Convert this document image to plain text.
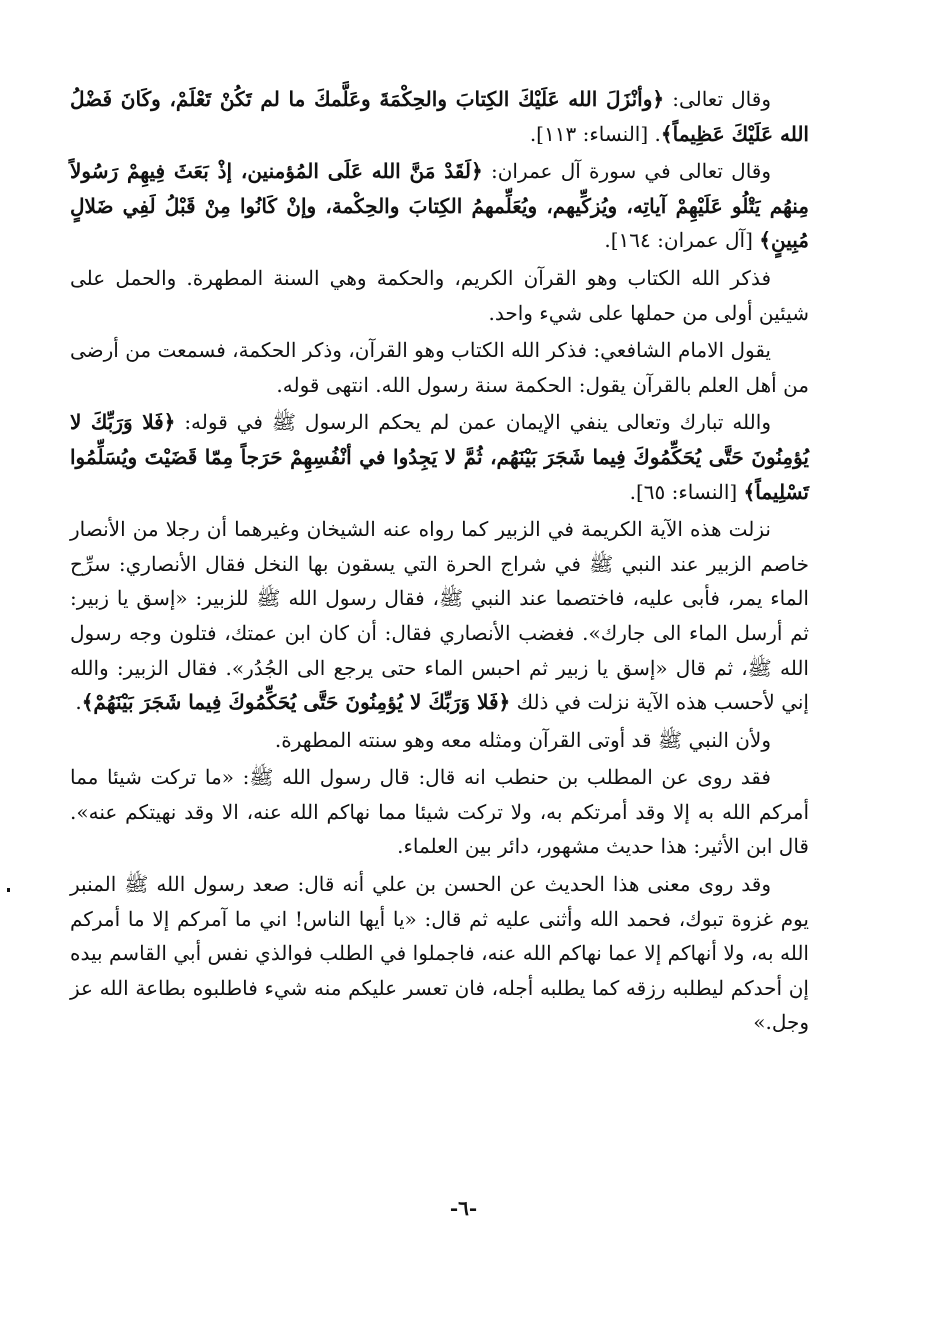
وقال تعالى: ﴿وأنْزَلَ الله عَلَيْكَ الكِتابَ والحِكْمَةَ وعَلَّمكَ ما لم تَكُنْ تَعْلَمْ، وكَانَ فَضْلُ الله عَلَيْكَ عَظِيماً﴾. [النساء: ١١٣].

وقال تعالى في سورة آل عمران: ﴿لَقَدْ مَنَّ الله عَلَى المُؤمنين، إذْ بَعَثَ فِيهِمْ رَسُولاً مِنهُم يَتْلُو عَلَيْهِمْ آياتِه، ويُزكِّيهم، ويُعَلِّمهمُ الكِتابَ والحِكْمة، وإنْ كَانُوا مِنْ قَبْلُ لَفِي ضَلالٍ مُبِينٍ﴾ [آل عمران: ١٦٤].

فذكر الله الكتاب وهو القرآن الكريم، والحكمة وهي السنة المطهرة. والحمل على شيئين أولى من حملها على شيء واحد.

يقول الامام الشافعي: فذكر الله الكتاب وهو القرآن، وذكر الحكمة، فسمعت من أرضى من أهل العلم بالقرآن يقول: الحكمة سنة رسول الله. انتهى قوله.

والله تبارك وتعالى ينفي الإيمان عمن لم يحكم الرسول ﷺ في قوله: ﴿فَلا وَرَبِّكَ لا يُؤمِنُونَ حَتَّى يُحَكِّمُوكَ فِيما شَجَرَ بَيْنَهُم، ثُمَّ لا يَجِدُوا في أنْفُسِهِمْ حَرَجاً مِمّا قَضَيْتَ ويُسَلِّمُوا تَسْلِيماً﴾ [النساء: ٦٥].

نزلت هذه الآية الكريمة في الزبير كما رواه عنه الشيخان وغيرهما أن رجلا من الأنصار خاصم الزبير عند النبي ﷺ في شراج الحرة التي يسقون بها النخل فقال الأنصاري: سرِّح الماء يمر، فأبى عليه، فاختصما عند النبي ﷺ، فقال رسول الله ﷺ للزبير: «إسق يا زبير: ثم أرسل الماء الى جارك». فغضب الأنصاري فقال: أن كان ابن عمتك، فتلون وجه رسول الله ﷺ، ثم قال «إسق يا زبير ثم احبس الماء حتى يرجع الى الجُدُر». فقال الزبير: والله إني لأحسب هذه الآية نزلت في ذلك ﴿فَلا وَرَبِّكَ لا يُؤمِنُونَ حَتَّى يُحَكِّمُوكَ فِيما شَجَرَ بَيْنَهُمْ﴾.

ولأن النبي ﷺ قد أوتى القرآن ومثله معه وهو سنته المطهرة.

فقد روى عن المطلب بن حنطب انه قال: قال رسول الله ﷺ: «ما تركت شيئا مما أمركم الله به إلا وقد أمرتكم به، ولا تركت شيئا مما نهاكم الله عنه، الا وقد نهيتكم عنه». قال ابن الأثير: هذا حديث مشهور، دائر بين العلماء.

وقد روى معنى هذا الحديث عن الحسن بن علي أنه قال: صعد رسول الله ﷺ المنبر يوم غزوة تبوك، فحمد الله وأثنى عليه ثم قال: «يا أيها الناس! اني ما آمركم إلا ما أمركم الله به، ولا أنهاكم إلا عما نهاكم الله عنه، فاجملوا في الطلب فوالذي نفس أبي القاسم بيده إن أحدكم ليطلبه رزقه كما يطلبه أجله، فان تعسر عليكم منه شيء فاطلبوه بطاعة الله عز وجل.»

-٦-
